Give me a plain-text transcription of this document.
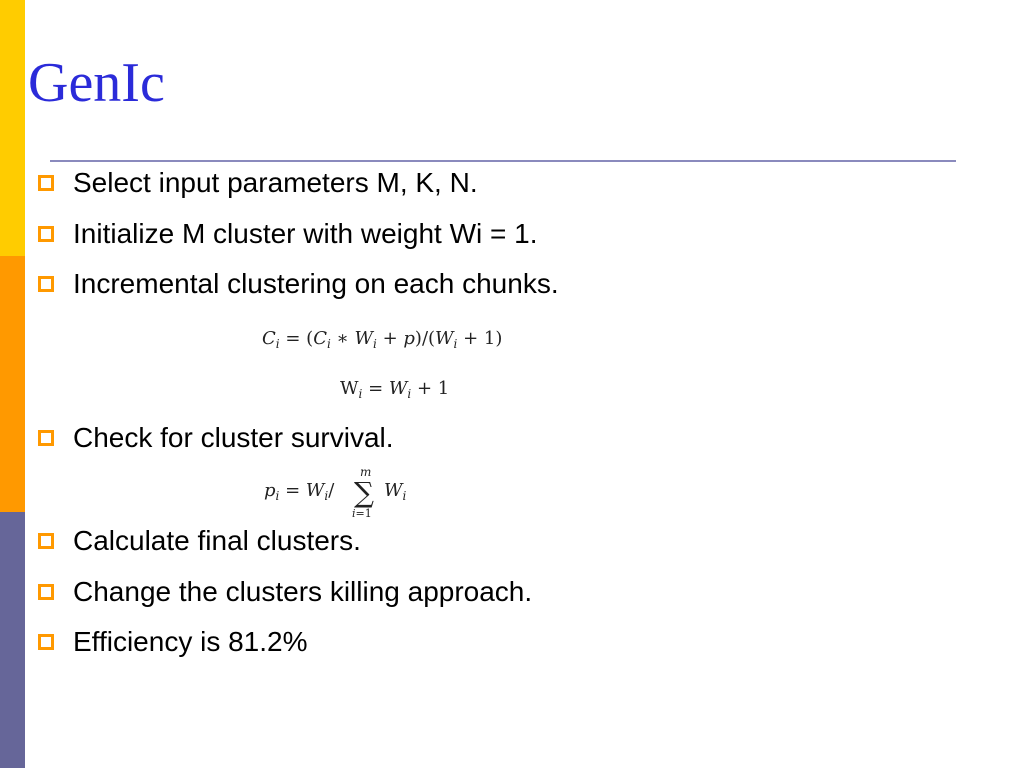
GenIc
Select input parameters M, K, N.
Initialize M cluster with weight Wi = 1.
Incremental clustering on each chunks.
$C_i = (C_i$ ∗ $W_i + p)/(W_i + 1)$
$W_i = W_i + 1$
Check for cluster survival.
$p_i = W_i/$
m
∑
i=1
$W_i$
Calculate final clusters.
Change the clusters killing approach.
Efficiency is 81.2%
